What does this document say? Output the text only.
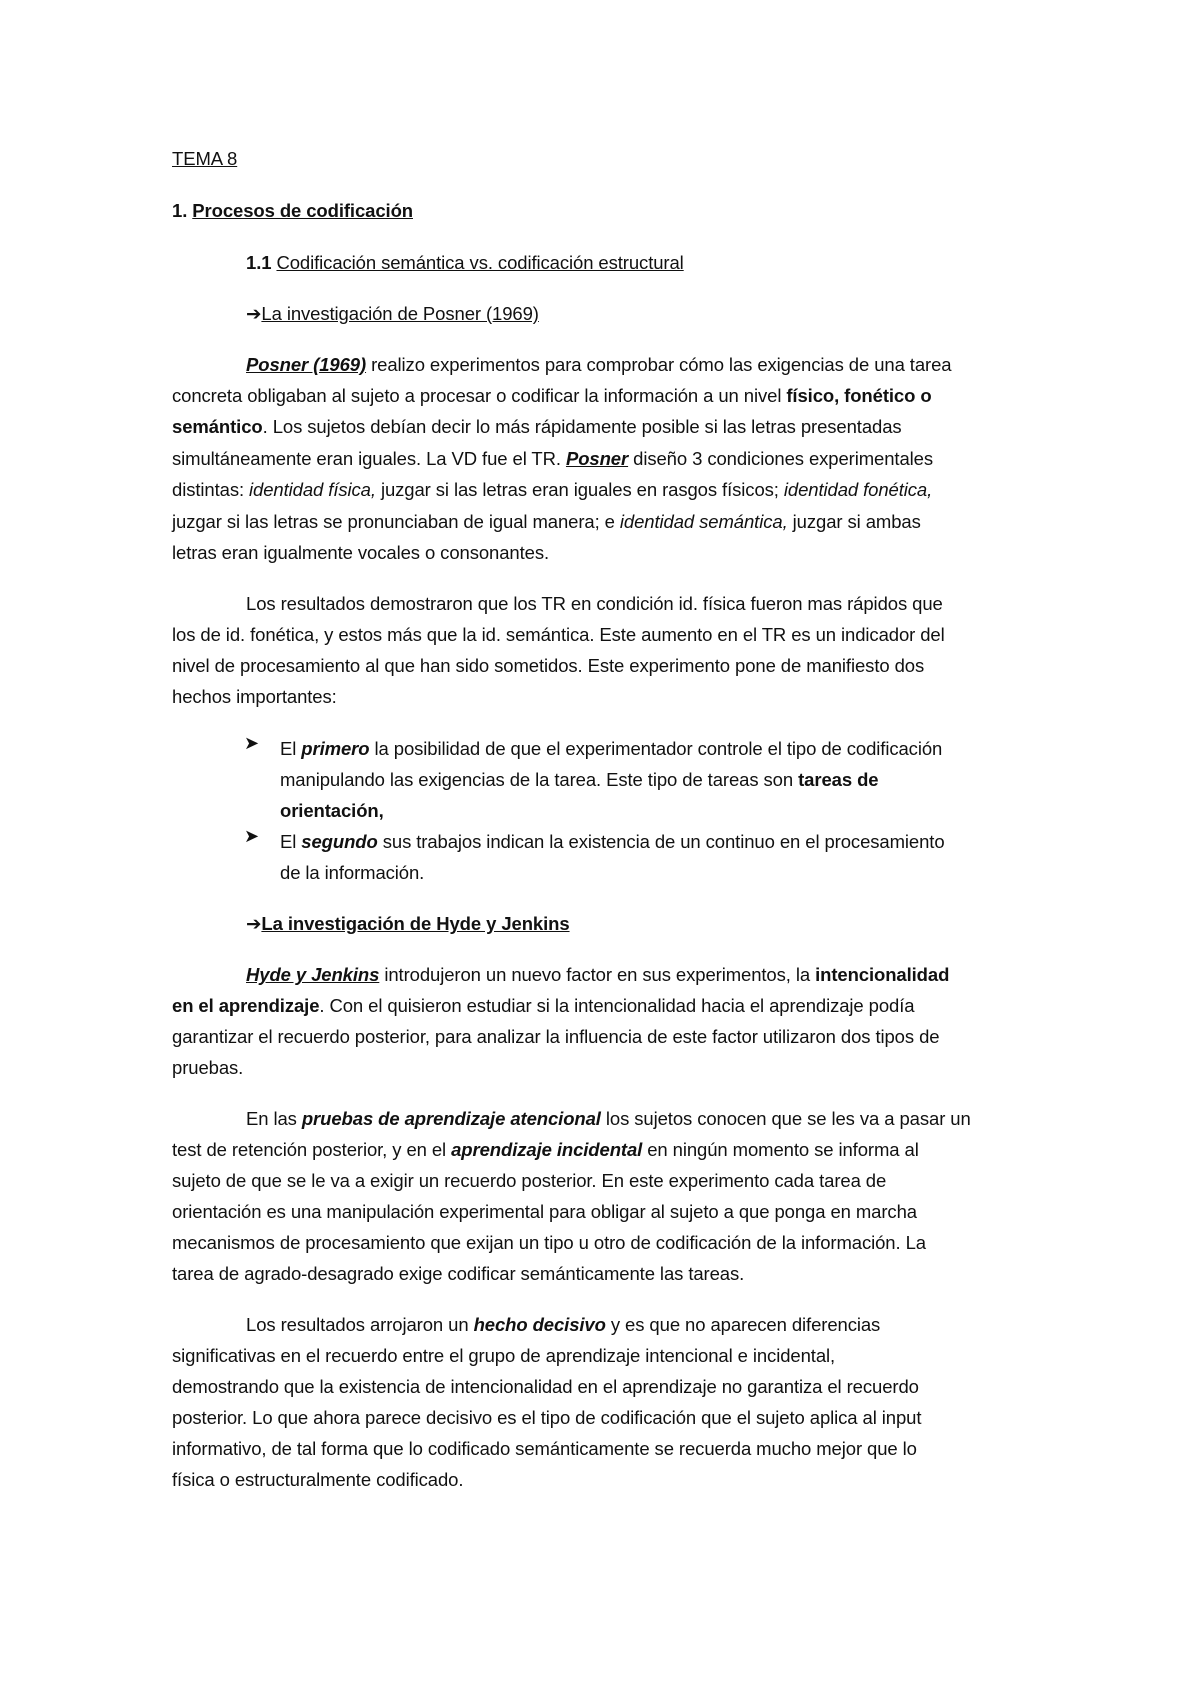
TEMA 8
1. Procesos de codificación
1.1 Codificación semántica vs. codificación estructural
➔La investigación de Posner (1969)
Posner (1969) realizo experimentos para comprobar cómo las exigencias de una tarea
concreta obligaban al sujeto a procesar o codificar la información a un nivel físico, fonético o
semántico. Los sujetos debían decir lo más rápidamente posible si las letras presentadas
simultáneamente eran iguales. La VD fue el TR. Posner diseño 3 condiciones experimentales
distintas: identidad física, juzgar si las letras eran iguales en rasgos físicos; identidad fonética,
juzgar si las letras se pronunciaban de igual manera; e identidad semántica, juzgar si ambas
letras eran igualmente vocales o consonantes.
Los resultados demostraron que los TR en condición id. física fueron mas rápidos que
los de id. fonética, y estos más que la id. semántica. Este aumento en el TR es un indicador del
nivel de procesamiento al que han sido sometidos. Este experimento pone de manifiesto dos
hechos importantes:
➤ El primero la posibilidad de que el experimentador controle el tipo de codificación
manipulando las exigencias de la tarea. Este tipo de tareas son tareas de
orientación,
➤ El segundo sus trabajos indican la existencia de un continuo en el procesamiento
de la información.
➔La investigación de Hyde y Jenkins
Hyde y Jenkins introdujeron un nuevo factor en sus experimentos, la intencionalidad
en el aprendizaje. Con el quisieron estudiar si la intencionalidad hacia el aprendizaje podía
garantizar el recuerdo posterior, para analizar la influencia de este factor utilizaron dos tipos de
pruebas.
En las pruebas de aprendizaje atencional los sujetos conocen que se les va a pasar un
test de retención posterior, y en el aprendizaje incidental en ningún momento se informa al
sujeto de que se le va a exigir un recuerdo posterior. En este experimento cada tarea de
orientación es una manipulación experimental para obligar al sujeto a que ponga en marcha
mecanismos de procesamiento que exijan un tipo u otro de codificación de la información. La
tarea de agrado-desagrado exige codificar semánticamente las tareas.
Los resultados arrojaron un hecho decisivo y es que no aparecen diferencias
significativas en el recuerdo entre el grupo de aprendizaje intencional e incidental,
demostrando que la existencia de intencionalidad en el aprendizaje no garantiza el recuerdo
posterior. Lo que ahora parece decisivo es el tipo de codificación que el sujeto aplica al input
informativo, de tal forma que lo codificado semánticamente se recuerda mucho mejor que lo
física o estructuralmente codificado.
